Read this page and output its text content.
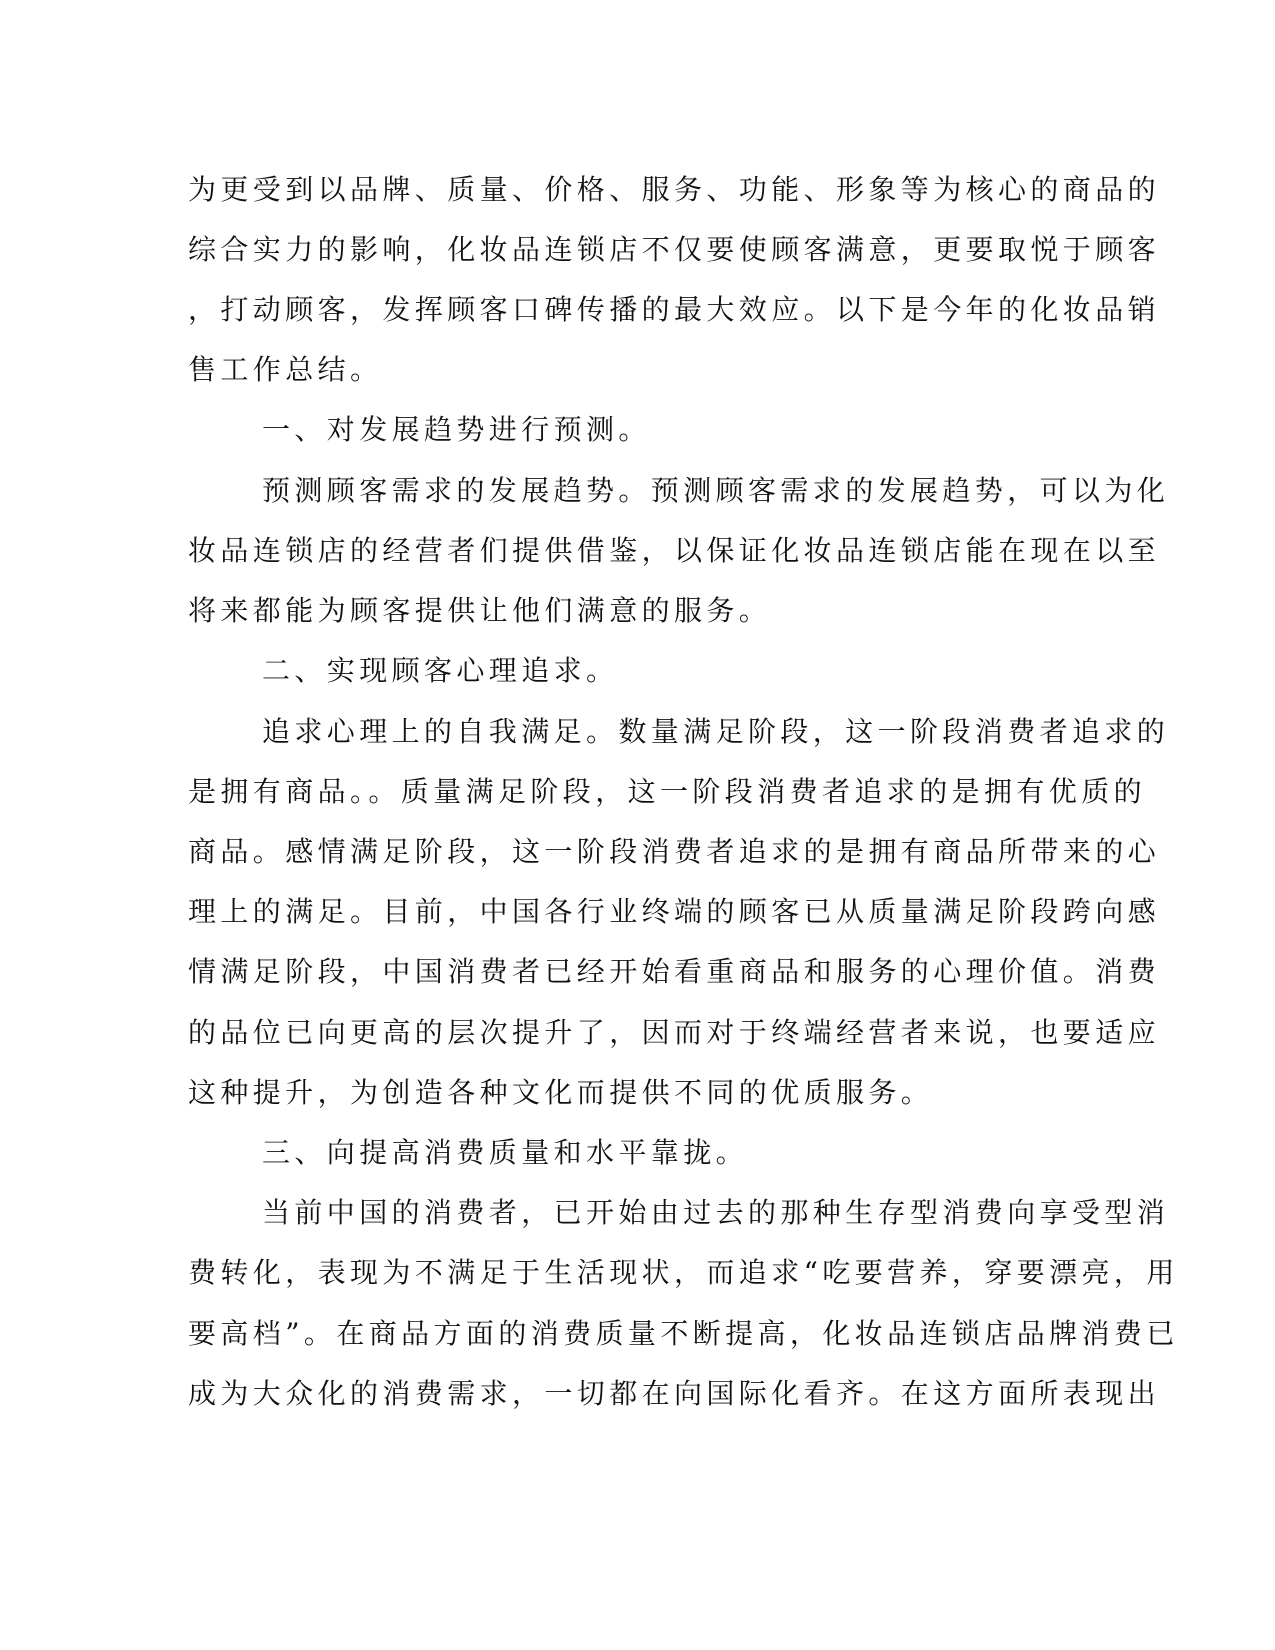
为更受到以品牌、质量、价格、服务、功能、形象等为核心的商品的
综合实力的影响，化妆品连锁店不仅要使顾客满意，更要取悦于顾客
，打动顾客，发挥顾客口碑传播的最大效应。以下是今年的化妆品销
售工作总结。
一、对发展趋势进行预测。
预测顾客需求的发展趋势。预测顾客需求的发展趋势，可以为化
妆品连锁店的经营者们提供借鉴，以保证化妆品连锁店能在现在以至
将来都能为顾客提供让他们满意的服务。
二、实现顾客心理追求。
追求心理上的自我满足。数量满足阶段，这一阶段消费者追求的
是拥有商品。。质量满足阶段，这一阶段消费者追求的是拥有优质的
商品。感情满足阶段，这一阶段消费者追求的是拥有商品所带来的心
理上的满足。目前，中国各行业终端的顾客已从质量满足阶段跨向感
情满足阶段，中国消费者已经开始看重商品和服务的心理价值。消费
的品位已向更高的层次提升了，因而对于终端经营者来说，也要适应
这种提升，为创造各种文化而提供不同的优质服务。
三、向提高消费质量和水平靠拢。
当前中国的消费者，已开始由过去的那种生存型消费向享受型消
费转化，表现为不满足于生活现状，而追求“吃要营养，穿要漂亮，用
要高档”。在商品方面的消费质量不断提高，化妆品连锁店品牌消费已
成为大众化的消费需求，一切都在向国际化看齐。在这方面所表现出
